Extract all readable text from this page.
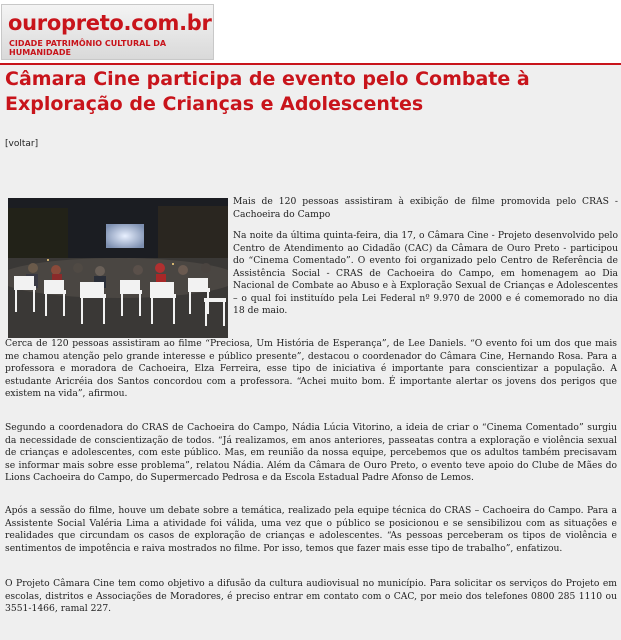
ouropreto.com.br
CIDADE PATRIMÔNIO CULTURAL DA HUMANIDADE
Câmara Cine participa de evento pelo Combate à Exploração de Crianças e Adolescentes
[voltar]

Mais de 120 pessoas assistiram à exibição de filme promovida pelo CRAS - Cachoeira do Campo

Na noite da última quinta-feira, dia 17, o Câmara Cine - Projeto desenvolvido pelo Centro de Atendimento ao Cidadão (CAC) da Câmara de Ouro Preto - participou do “Cinema Comentado”. O evento foi organizado pelo Centro de Referência de Assistência Social - CRAS de Cachoeira do Campo, em homenagem ao Dia Nacional de Combate ao Abuso e à Exploração Sexual de Crianças e Adolescentes – o qual foi instituído pela Lei Federal nº 9.970 de 2000 e é comemorado no dia 18 de maio.

Cerca de 120 pessoas assistiram ao filme “Preciosa, Um História de Esperança”, de Lee Daniels. “O evento foi um dos que mais me chamou atenção pelo grande interesse e público presente”, destacou o coordenador do Câmara Cine, Hernando Rosa. Para a professora e moradora de Cachoeira, Elza Ferreira, esse tipo de iniciativa é importante para conscientizar a população. A estudante Aricréia dos Santos concordou com a professora. “Achei muito bom. É importante alertar os jovens dos perigos que existem na vida”, afirmou.

Segundo a coordenadora do CRAS de Cachoeira do Campo, Nádia Lúcia Vitorino, a ideia de criar o “Cinema Comentado” surgiu da necessidade de conscientização de todos. “Já realizamos, em anos anteriores, passeatas contra a exploração e violência sexual de crianças e adolescentes, com este público. Mas, em reunião da nossa equipe, percebemos que os adultos também precisavam se informar mais sobre esse problema”, relatou Nádia. Além da Câmara de Ouro Preto, o evento teve apoio do Clube de Mães do Lions Cachoeira do Campo, do Supermercado Pedrosa e da Escola Estadual Padre Afonso de Lemos.

Após a sessão do filme, houve um debate sobre a temática, realizado pela equipe técnica do CRAS – Cachoeira do Campo. Para a Assistente Social Valéria Lima a atividade foi válida, uma vez que o público se posicionou e se sensibilizou com as situações e realidades que circundam os casos de exploração de crianças e adolescentes. “As pessoas perceberam os tipos de violência e sentimentos de impotência e raiva mostrados no filme. Por isso, temos que fazer mais esse tipo de trabalho”, enfatizou.

O Projeto Câmara Cine tem como objetivo a difusão da cultura audiovisual no município. Para solicitar os serviços do Projeto em escolas, distritos e Associações de Moradores, é preciso entrar em contato com o CAC, por meio dos telefones 0800 285 1110 ou 3551-1466, ramal 227.
